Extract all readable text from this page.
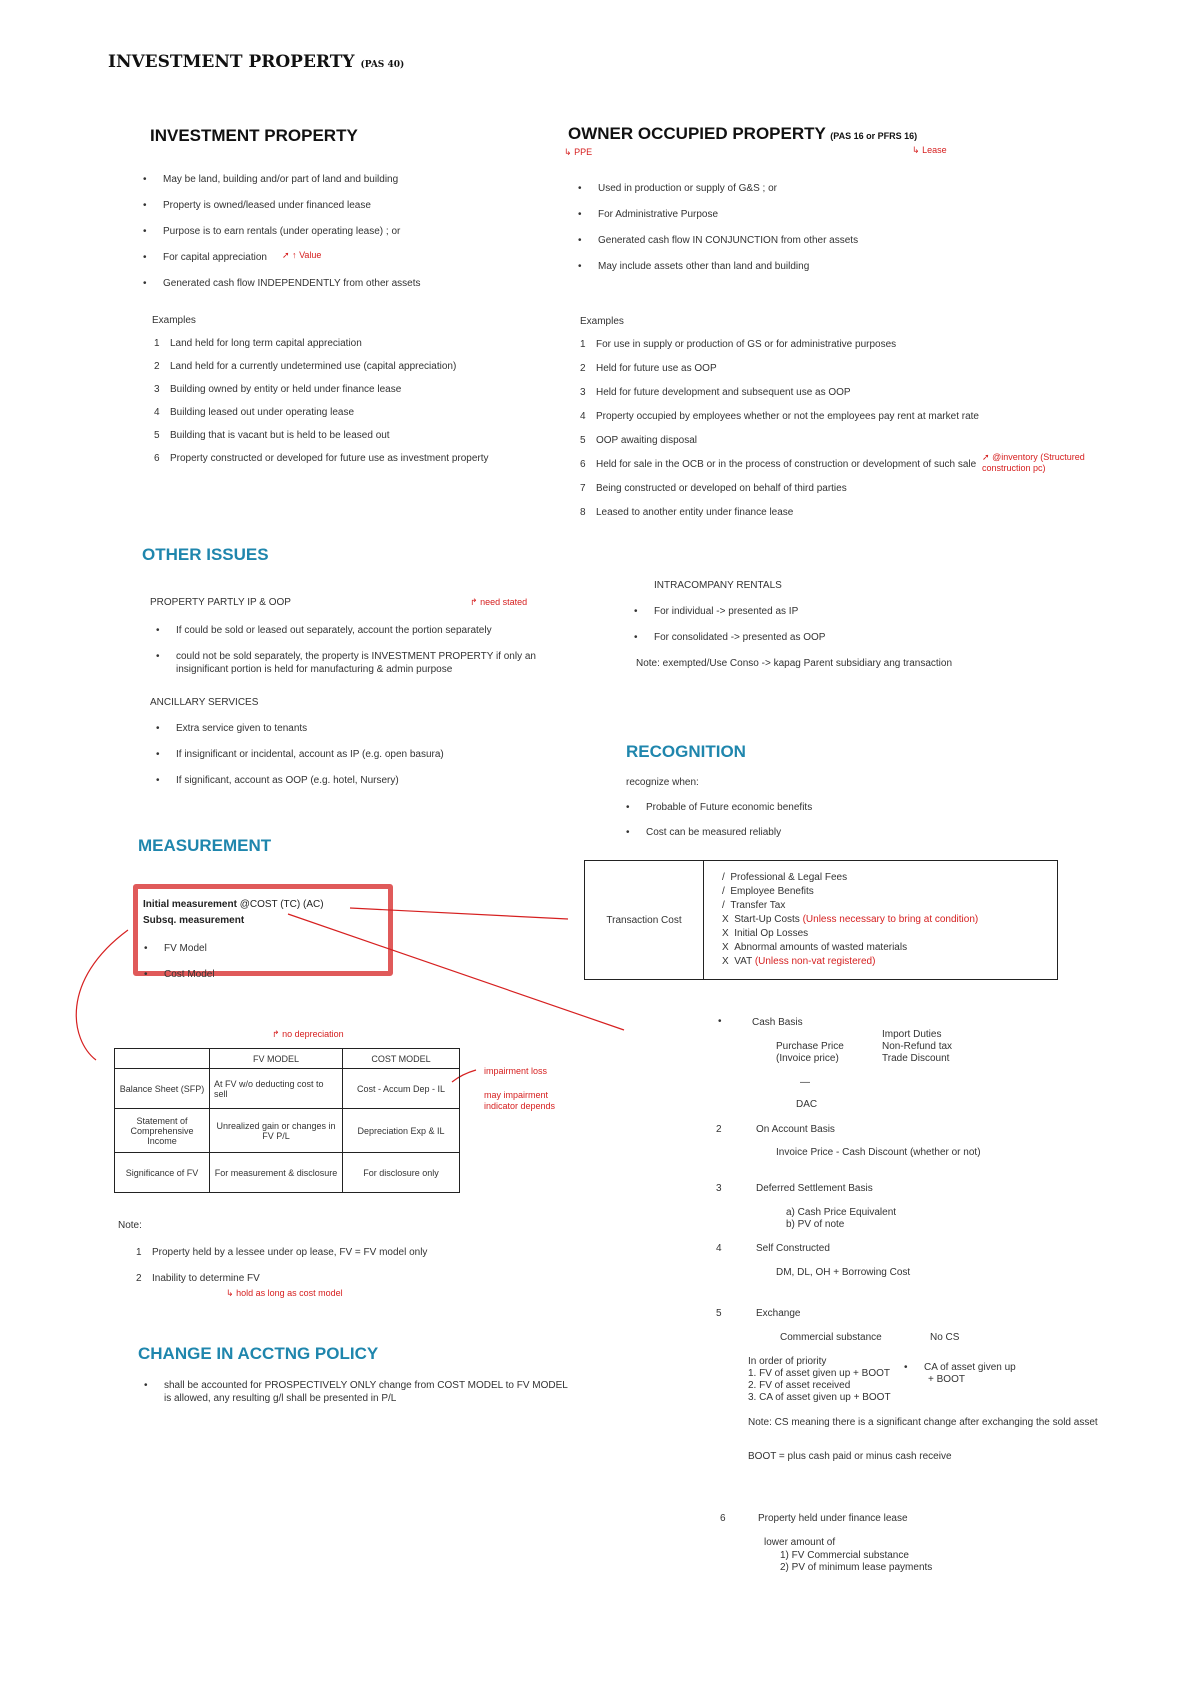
INVESTMENT PROPERTY (PAS 40)
INVESTMENT PROPERTY
• May be land, building and/or part of land and building
• Property is owned/leased under financed lease
• Purpose is to earn rentals (under operating lease) ; or
• For capital appreciation ➚ ↑ Value
• Generated cash flow INDEPENDENTLY from other assets
Examples
1 Land held for long term capital appreciation
2 Land held for a currently undetermined use (capital appreciation)
3 Building owned by entity or held under finance lease
4 Building leased out under operating lease
5 Building that is vacant but is held to be leased out
6 Property constructed or developed for future use as investment property
OWNER OCCUPIED PROPERTY (PAS 16 or PFRS 16)
↳ PPE	↳ Lease
• Used in production or supply of G&S ; or
• For Administrative Purpose
• Generated cash flow IN CONJUNCTION from other assets
• May include assets other than land and building
Examples
1 For use in supply or production of GS or for administrative purposes
2 Held for future use as OOP
3 Held for future development and subsequent use as OOP
4 Property occupied by employees whether or not the employees pay rent at market rate
5 OOP awaiting disposal
6 Held for sale in the OCB or in the process of construction or development of such sale
➚ @inventory (Structured construction pc)
7 Being constructed or developed on behalf of third parties
8 Leased to another entity under finance lease
OTHER ISSUES
PROPERTY PARTLY IP & OOP	↱ need stated
• If could be sold or leased out separately, account the portion separately
• could not be sold separately, the property is INVESTMENT PROPERTY if only an insignificant portion is held for manufacturing & admin purpose
ANCILLARY SERVICES
• Extra service given to tenants
• If insignificant or incidental, account as IP (e.g. open basura)
• If significant, account as OOP (e.g. hotel, Nursery)
INTRACOMPANY RENTALS
• For individual -> presented as IP
• For consolidated -> presented as OOP
Note: exempted/Use Conso -> kapag Parent subsidiary ang transaction
RECOGNITION
recognize when:
• Probable of Future economic benefits
• Cost can be measured reliably
MEASUREMENT
Initial measurement @COST (TC) (AC)
Subsq. measurement
• FV Model
• Cost Model
Transaction Cost	
/ Professional & Legal Fees
/ Employee Benefits
/ Transfer Tax
X Start-Up Costs (Unless necessary to bring at condition)
X Initial Op Losses
X Abnormal amounts of wasted materials
X VAT (Unless non-vat registered)
↱ no depreciation
impairment loss
may impairment indicator depends
	FV MODEL	COST MODEL
Balance Sheet (SFP)	At FV w/o deducting cost to sell	Cost - Accum Dep - IL
Statement of Comprehensive Income	Unrealized gain or changes in FV P/L	Depreciation Exp & IL
Significance of FV	For measurement & disclosure	For disclosure only
Note:
1 Property held by a lessee under op lease, FV = FV model only
2 Inability to determine FV
↳ hold as long as cost model
CHANGE IN ACCTNG POLICY
• shall be accounted for PROSPECTIVELY ONLY change from COST MODEL to FV MODEL is allowed, any resulting g/l shall be presented in P/L
•	Cash Basis
Purchase Price
(Invoice price)
Import Duties
Non-Refund tax
Trade Discount
—
DAC
2	On Account Basis
Invoice Price - Cash Discount (whether or not)
3	Deferred Settlement Basis
a) Cash Price Equivalent
b) PV of note
4	Self Constructed
DM, DL, OH + Borrowing Cost
5	Exchange
Commercial substance	No CS
In order of priority
1. FV of asset given up + BOOT
2. FV of asset received
3. CA of asset given up + BOOT
• CA of asset given up
+ BOOT
Note: CS meaning there is a significant change after exchanging the sold asset
BOOT = plus cash paid or minus cash receive
6	Property held under finance lease
lower amount of
1) FV Commercial substance
2) PV of minimum lease payments
